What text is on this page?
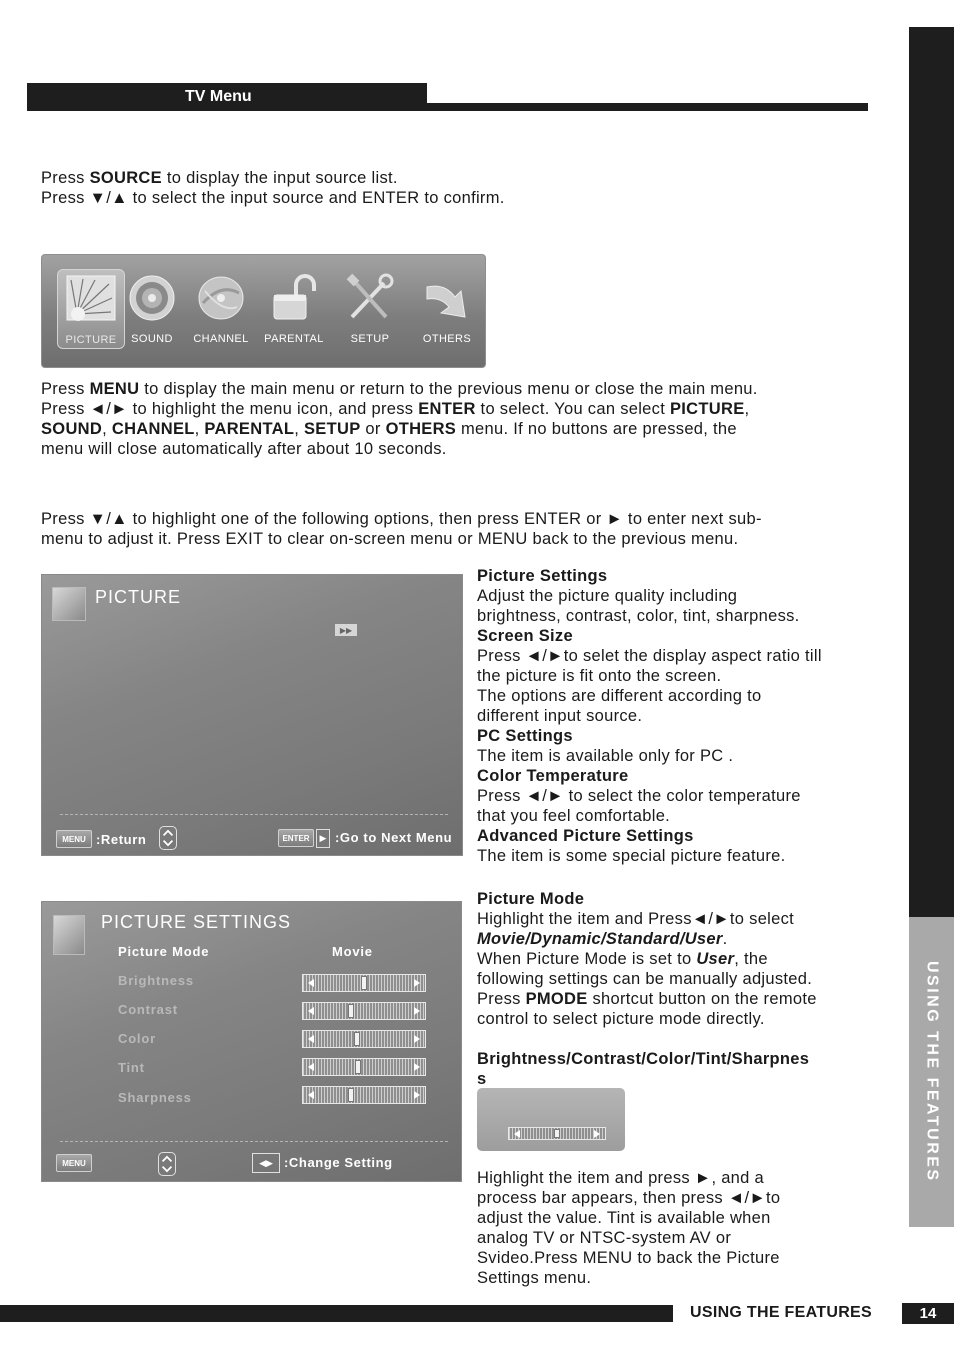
USING THE FEATURES
TV Menu

Press SOURCE to display the input source list.

Press ▼/▲ to select the input source and ENTER to confirm.

PICTURE	SOUND	CHANNEL	PARENTAL	SETUP	OTHERS

Press MENU to display the main menu or return to the previous menu or close the main menu.

Press ◄/► to highlight the menu icon, and press ENTER to select. You can select PICTURE,

SOUND, CHANNEL, PARENTAL, SETUP or OTHERS menu. If no buttons are pressed, the

menu will close automatically after about 10 seconds.

Press ▼/▲ to highlight one of the following options, then press ENTER or ► to enter next sub-

menu to adjust it. Press EXIT to clear on-screen menu or MENU back to the previous menu.

PICTURE
▶▶
MENU :Return	ENTER	▶ :Go to Next Menu

Picture Settings

Adjust the picture quality including

brightness, contrast, color, tint, sharpness.

Screen Size

Press ◄/►to selet the display aspect ratio till

the picture is fit onto the screen.

The options are different according to

different input source.

PC Settings

The item is available only for PC .

Color Temperature

Press ◄/► to select the color temperature

that you feel comfortable.

Advanced Picture Settings

The item is some special picture feature.

PICTURE SETTINGS
Picture Mode	Movie
Brightness
Contrast
Color
Tint
Sharpness
MENU	◀▶ :Change Setting

Picture Mode

Highlight the item and Press◄/►to select

Movie/Dynamic/Standard/User.

When Picture Mode is set to User, the

following settings can be manually adjusted.

Press PMODE shortcut button on the remote

control to select picture mode directly.

Brightness/Contrast/Color/Tint/Sharpnes

s

Highlight the item and press ►, and a

process bar appears, then press ◄/►to

adjust the value. Tint is available when

analog TV or NTSC-system AV or

Svideo.Press MENU to back the Picture

Settings menu.

USING THE FEATURES	14
